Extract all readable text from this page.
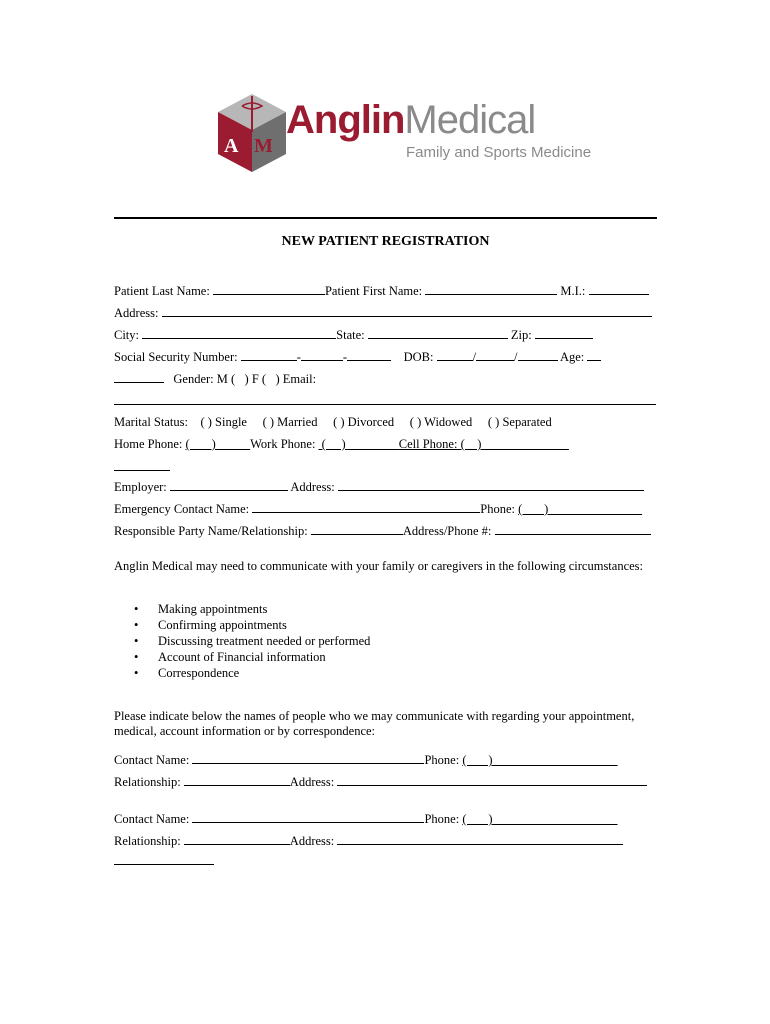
A M
AnglinMedical
Family and Sports Medicine
NEW PATIENT REGISTRATION
Patient Last Name:	Patient First Name:	M.I.:
Address:
City:	State:	Zip:
Social Security Number:	-	-	DOB:	/	/	Age:
Gender: M ( ) F ( ) Email:
Marital Status: ( ) Single ( ) Married ( ) Divorced ( ) Widowed ( ) Separated
Home Phone: (       )           Work Phone:  (     )                 Cell Phone: (    )
Employer:	Address:
Emergency Contact Name:	Phone: (       )
Responsible Party Name/Relationship:	Address/Phone #:
Anglin Medical may need to communicate with your family or caregivers in the following circumstances:
• Making appointments
• Confirming appointments
• Discussing treatment needed or performed
• Account of Financial information
• Correspondence
Please indicate below the names of people who we may communicate with regarding your appointment,
medical, account information or by correspondence:
Contact Name:	Phone: (       )
Relationship:	Address:
Contact Name:	Phone: (       )
Relationship:	Address:
